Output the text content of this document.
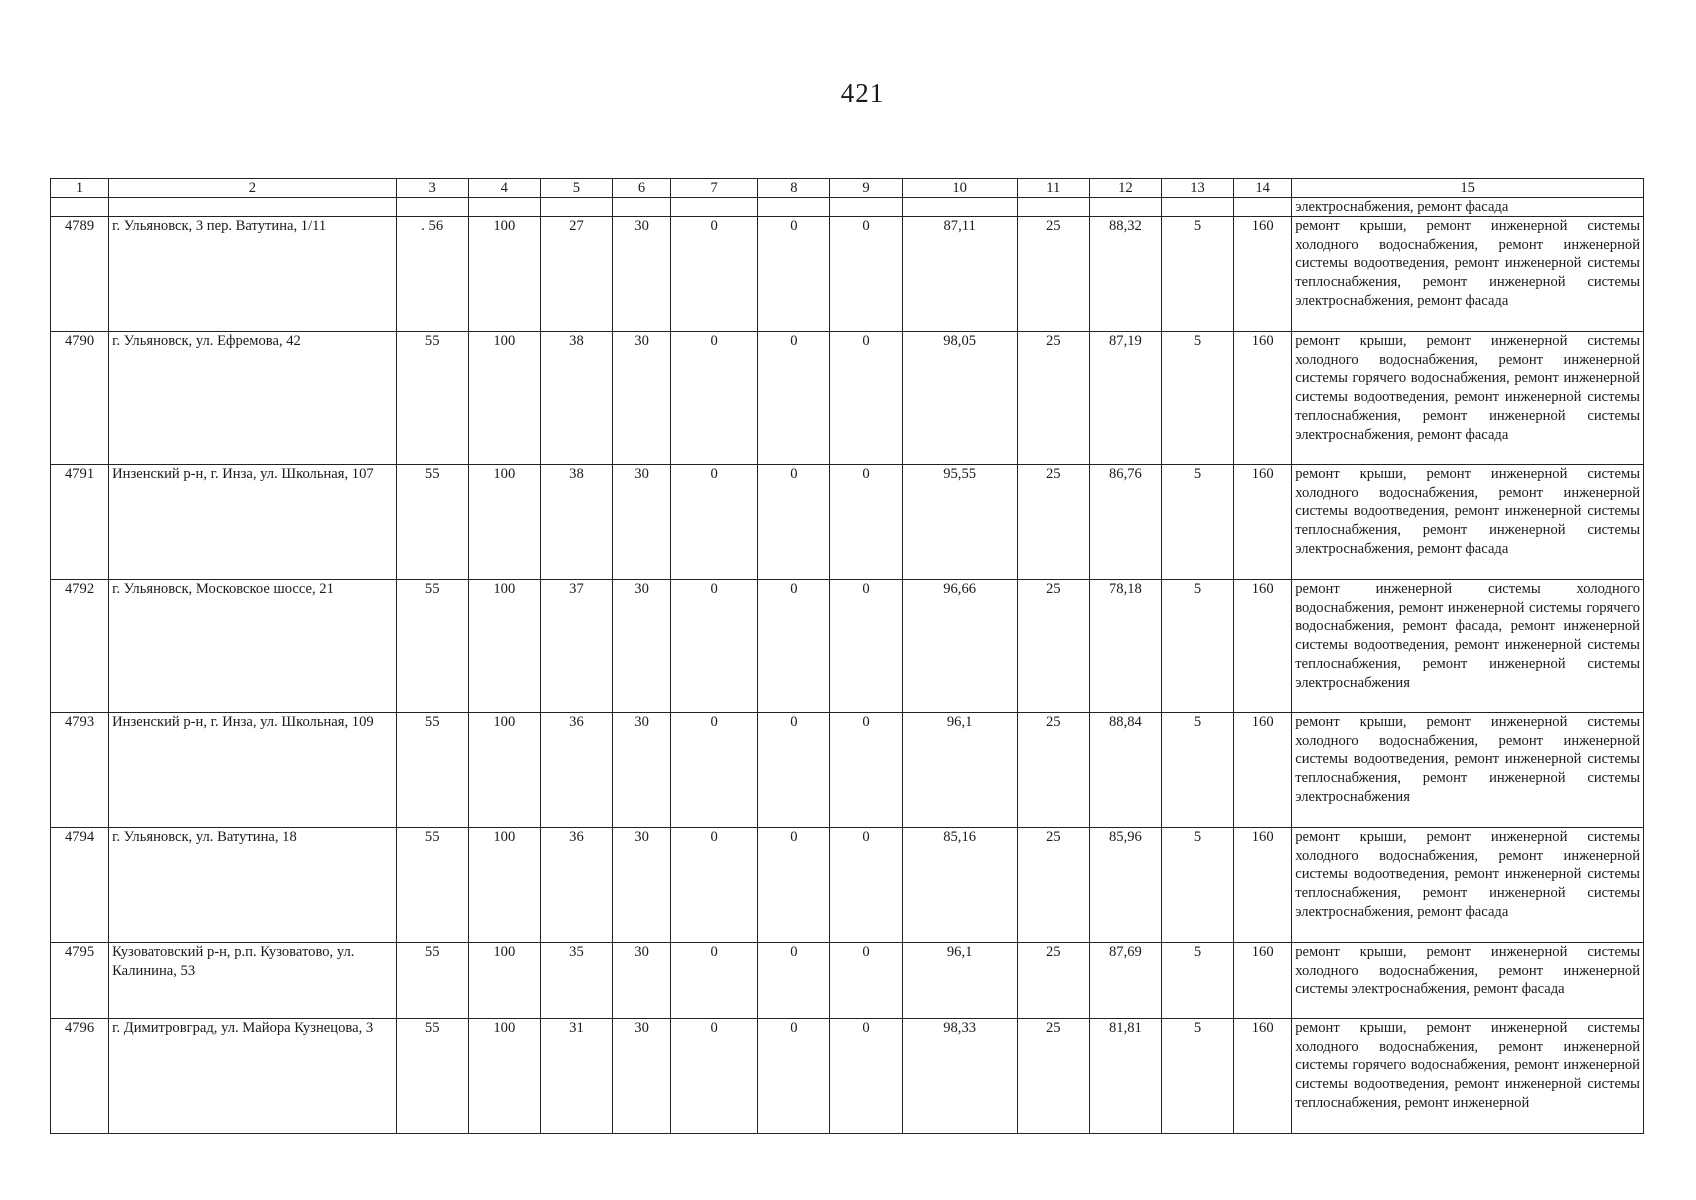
421
1	2	3	4	5	6	7	8	9	10	11	12	13	14	15
														электроснабжения, ремонт фасада
4789	г. Ульяновск, 3 пер. Ватутина, 1/11	. 56	100	27	30	0	0	0	87,11	25	88,32	5	160	ремонт крыши, ремонт инженерной системы холодного водоснабжения, ремонт инженерной системы водоотведения, ремонт инженерной системы теплоснабжения, ремонт инженерной системы электроснабжения, ремонт фасада
4790	г. Ульяновск, ул. Ефремова, 42	55	100	38	30	0	0	0	98,05	25	87,19	5	160	ремонт крыши, ремонт инженерной системы холодного водоснабжения, ремонт инженерной системы горячего водоснабжения, ремонт инженерной системы водоотведения, ремонт инженерной системы теплоснабжения, ремонт инженерной системы электроснабжения, ремонт фасада
4791	Инзенский р-н, г. Инза, ул. Школьная, 107	55	100	38	30	0	0	0	95,55	25	86,76	5	160	ремонт крыши, ремонт инженерной системы холодного водоснабжения, ремонт инженерной системы водоотведения, ремонт инженерной системы теплоснабжения, ремонт инженерной системы электроснабжения, ремонт фасада
4792	г. Ульяновск, Московское шоссе, 21	55	100	37	30	0	0	0	96,66	25	78,18	5	160	ремонт инженерной системы холодного водоснабжения, ремонт инженерной системы горячего водоснабжения, ремонт фасада, ремонт инженерной системы водоотведения, ремонт инженерной системы теплоснабжения, ремонт инженерной системы электроснабжения
4793	Инзенский р-н, г. Инза, ул. Школьная, 109	55	100	36	30	0	0	0	96,1	25	88,84	5	160	ремонт крыши, ремонт инженерной системы холодного водоснабжения, ремонт инженерной системы водоотведения, ремонт инженерной системы теплоснабжения, ремонт инженерной системы электроснабжения
4794	г. Ульяновск, ул. Ватутина, 18	55	100	36	30	0	0	0	85,16	25	85,96	5	160	ремонт крыши, ремонт инженерной системы холодного водоснабжения, ремонт инженерной системы водоотведения, ремонт инженерной системы теплоснабжения, ремонт инженерной системы электроснабжения, ремонт фасада
4795	Кузоватовский р-н, р.п. Кузоватово, ул. Калинина, 53	55	100	35	30	0	0	0	96,1	25	87,69	5	160	ремонт крыши, ремонт инженерной системы холодного водоснабжения, ремонт инженерной системы электроснабжения, ремонт фасада
4796	г. Димитровград, ул. Майора Кузнецова, 3	55	100	31	30	0	0	0	98,33	25	81,81	5	160	ремонт крыши, ремонт инженерной системы холодного водоснабжения, ремонт инженерной системы горячего водоснабжения, ремонт инженерной системы водоотведения, ремонт инженерной системы теплоснабжения, ремонт инженерной
